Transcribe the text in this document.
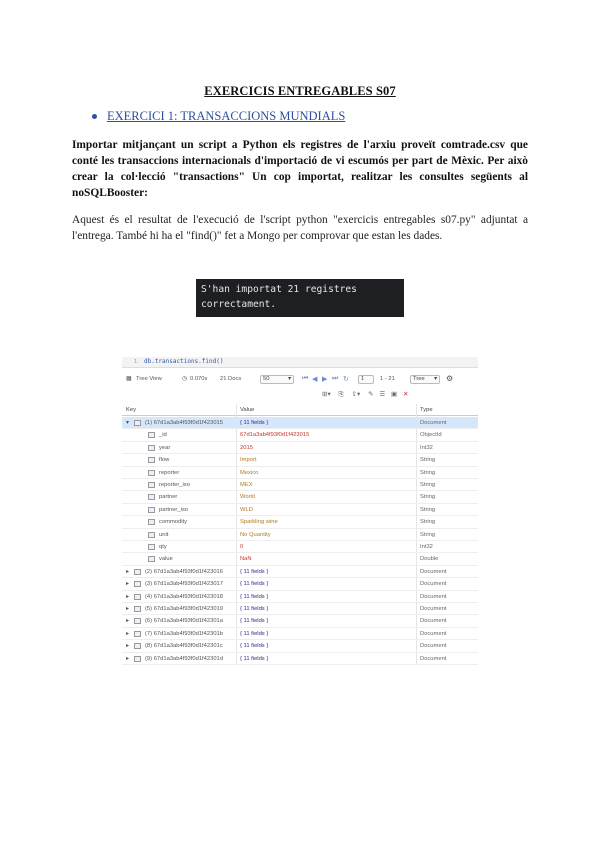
EXERCICIS ENTREGABLES S07
EXERCICI 1: TRANSACCIONS MUNDIALS

Importar mitjançant un script a Python els registres de l'arxiu proveït comtrade.csv que conté les transaccions internacionals d'importació de vi escumós per part de Mèxic. Per això crear la col·lecció "transactions" Un cop importat, realitzar les consultes següents al noSQLBooster:

Aquest és el resultat de l'execució de l'script python "exercicis entregables s07.py" adjuntat a l'entrega. També hi ha el "find()" fet a Mongo per comprovar que estan les dades.

S'han importat 21 registres
correctament.
1 db.transactions.find()
▦ Tree View	◷ 0.070s 21 Docs	50	▾ ⏮ ◀ ▶ ⏭ ↻	1	1 - 21	Tree ▾ ⚙
⊞▾ ⎘ ⇪▾ ✎ ☰ ▣ ✕
Key	Value	Type
▾	(1) 67d1a3ab4f93f0d1f423015	{ 11 fields }	Document
_id	67d1a3ab4f93f0d1f423015	ObjectId
year	2015	Int32
flow	Import	String
reporter	Mexico	String
reporter_iso	MEX	String
partner	World	String
partner_iso	WLD	String
commodity	Sparkling wine	String
unit	No Quantity	String
qty	0	Int32
value	NaN	Double
▸	(2) 67d1a3ab4f93f0d1f423016	{ 11 fields }	Document
▸	(3) 67d1a3ab4f93f0d1f423017	{ 11 fields }	Document
▸	(4) 67d1a3ab4f93f0d1f423018	{ 11 fields }	Document
▸	(5) 67d1a3ab4f93f0d1f423019	{ 11 fields }	Document
▸	(6) 67d1a3ab4f93f0d1f42301a	{ 11 fields }	Document
▸	(7) 67d1a3ab4f93f0d1f42301b	{ 11 fields }	Document
▸	(8) 67d1a3ab4f93f0d1f42301c	{ 11 fields }	Document
▸	(9) 67d1a3ab4f93f0d1f42301d	{ 11 fields }	Document
